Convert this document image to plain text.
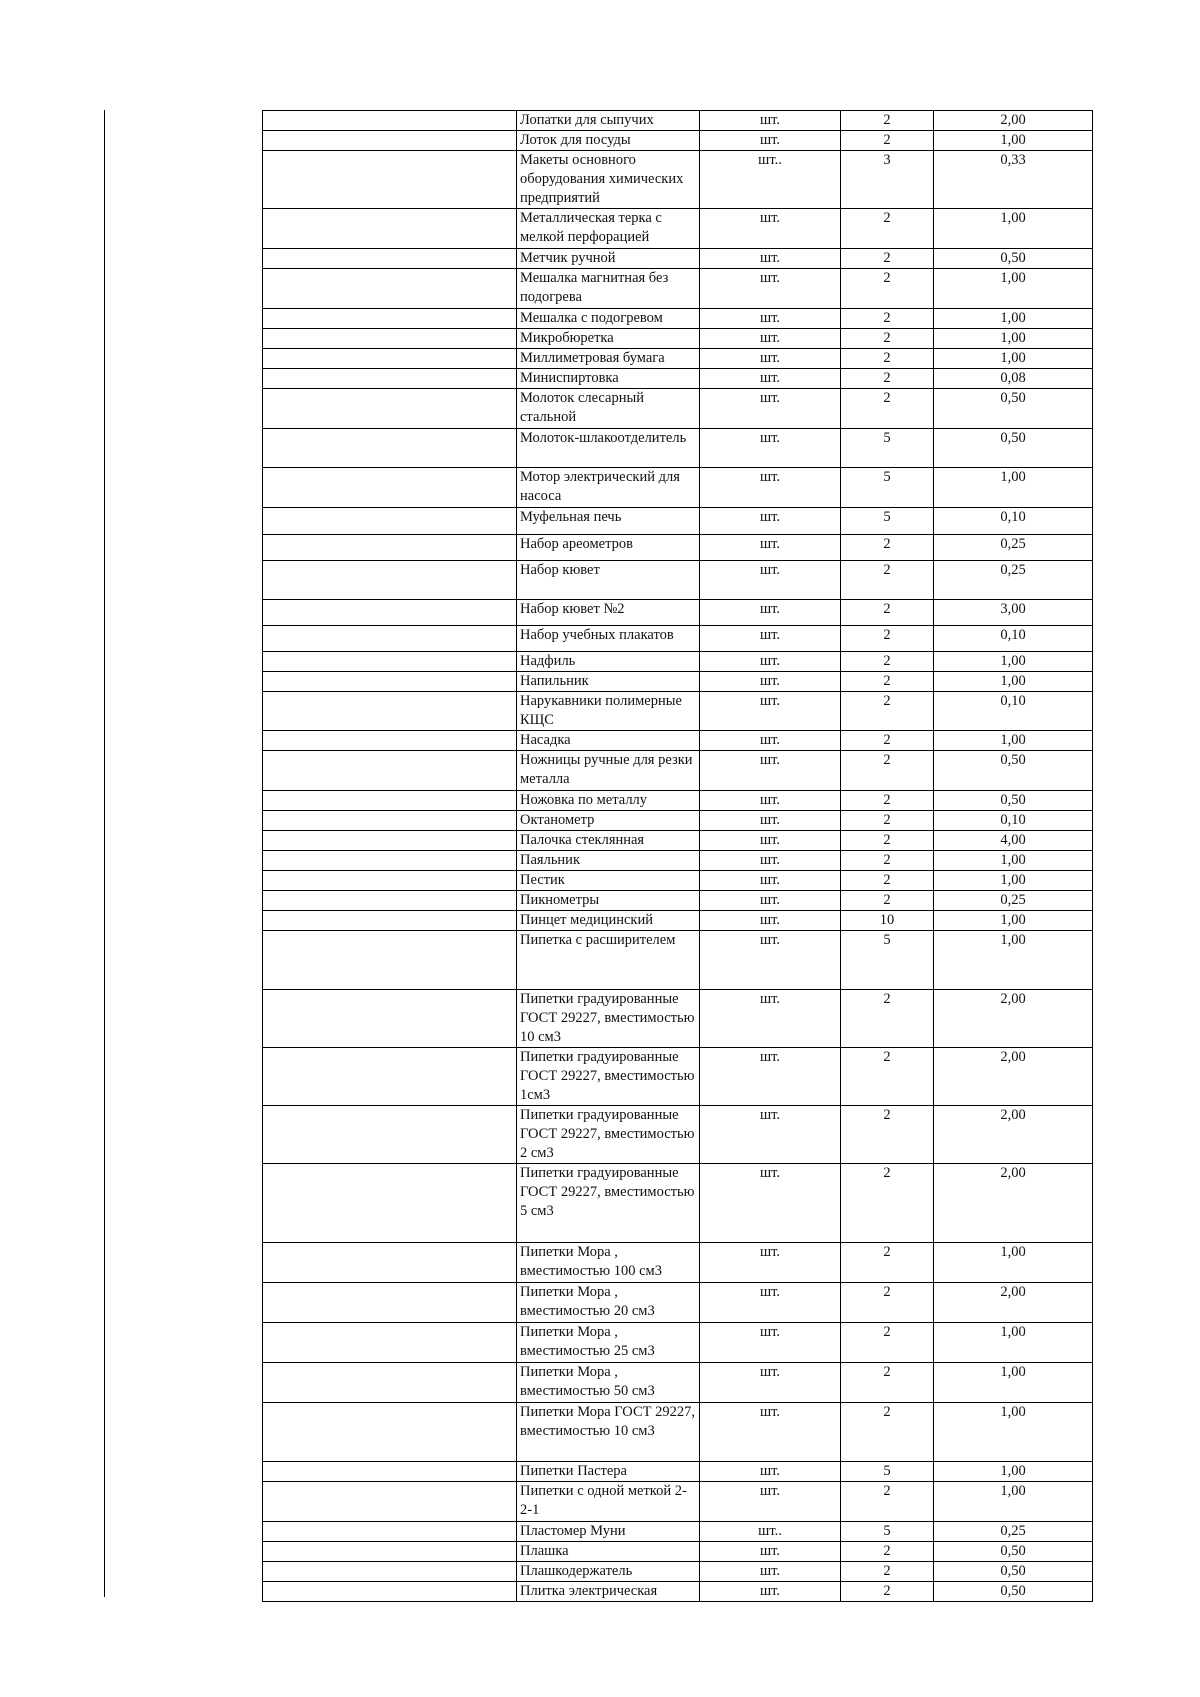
	Лопатки для сыпучих	шт.	2	2,00
	Лоток для посуды	шт.	2	1,00
	Макеты основного оборудования химических предприятий	шт..	3	0,33
	Металлическая терка с мелкой перфорацией	шт.	2	1,00
	Метчик ручной	шт.	2	0,50
	Мешалка магнитная без подогрева	шт.	2	1,00
	Мешалка с подогревом	шт.	2	1,00
	Микробюретка	шт.	2	1,00
	Миллиметровая бумага	шт.	2	1,00
	Миниспиртовка	шт.	2	0,08
	Молоток слесарный стальной	шт.	2	0,50
	Молоток-шлакоотделитель	шт.	5	0,50
	Мотор электрический для насоса	шт.	5	1,00
	Муфельная печь	шт.	5	0,10
	Набор ареометров	шт.	2	0,25
	Набор кювет	шт.	2	0,25
	Набор кювет №2	шт.	2	3,00
	Набор учебных плакатов	шт.	2	0,10
	Надфиль	шт.	2	1,00
	Напильник	шт.	2	1,00
	Нарукавники полимерные КЩС	шт.	2	0,10
	Насадка	шт.	2	1,00
	Ножницы ручные для резки металла	шт.	2	0,50
	Ножовка по металлу	шт.	2	0,50
	Октанометр	шт.	2	0,10
	Палочка стеклянная	шт.	2	4,00
	Паяльник	шт.	2	1,00
	Пестик	шт.	2	1,00
	Пикнометры	шт.	2	0,25
	Пинцет медицинский	шт.	10	1,00
	Пипетка с расширителем	шт.	5	1,00
	Пипетки градуированные ГОСТ 29227, вместимостью 10 см3	шт.	2	2,00
	Пипетки градуированные ГОСТ 29227, вместимостью 1см3	шт.	2	2,00
	Пипетки градуированные ГОСТ 29227, вместимостью 2 см3	шт.	2	2,00
	Пипетки градуированные ГОСТ 29227, вместимостью 5 см3	шт.	2	2,00
	Пипетки Мора , вместимостью 100 см3	шт.	2	1,00
	Пипетки Мора , вместимостью 20 см3	шт.	2	2,00
	Пипетки Мора , вместимостью 25 см3	шт.	2	1,00
	Пипетки Мора , вместимостью 50 см3	шт.	2	1,00
	Пипетки Мора ГОСТ 29227, вместимостью 10 см3	шт.	2	1,00
	Пипетки Пастера	шт.	5	1,00
	Пипетки с одной меткой 2-2-1	шт.	2	1,00
	Пластомер Муни	шт..	5	0,25
	Плашка	шт.	2	0,50
	Плашкодержатель	шт.	2	0,50
	Плитка электрическая	шт.	2	0,50
